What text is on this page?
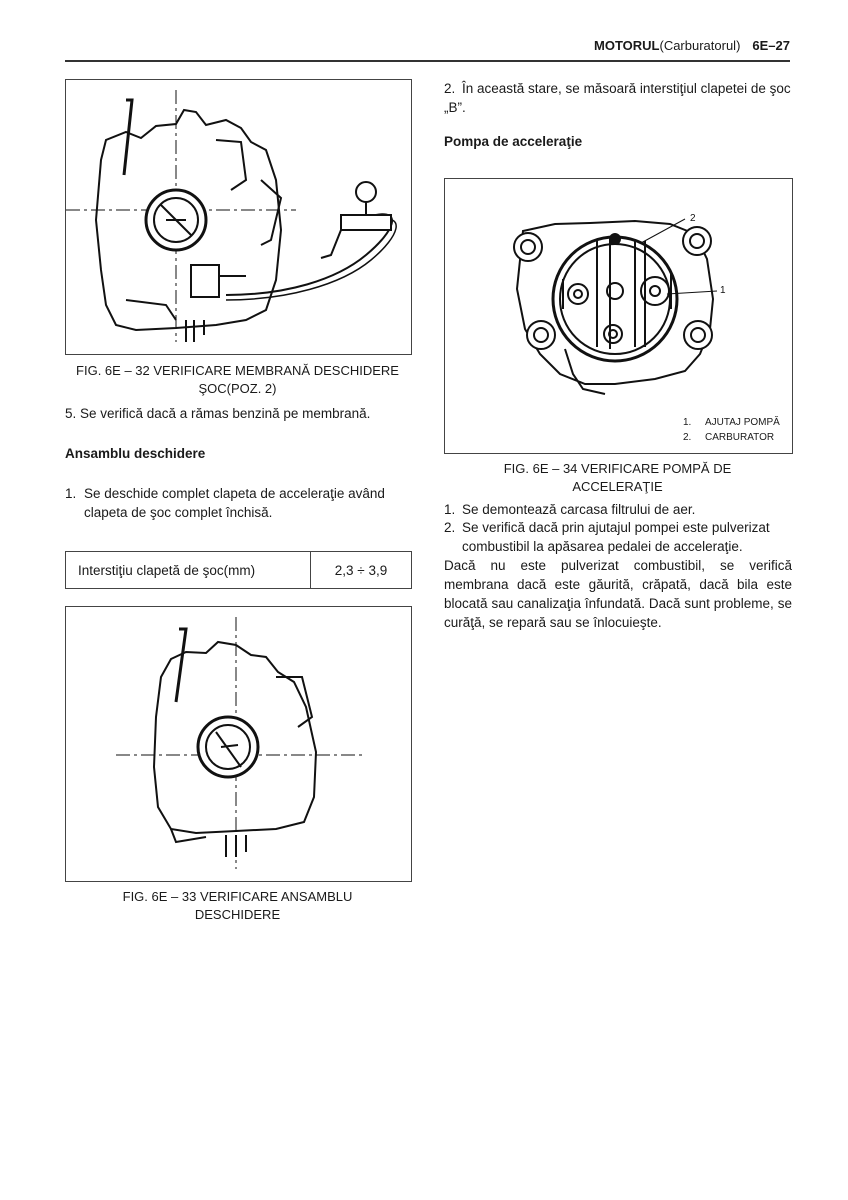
MOTORUL(Carburatorul) 6E–27
FIG. 6E – 32 VERIFICARE MEMBRANĂ DESCHIDERE
ŞOC(POZ. 2)
5. Se verifică dacă a rămas benzină pe membrană.
Ansamblu deschidere
1. Se deschide complet clapeta de acceleraţie având clapeta de şoc complet închisă.
Interstiţiu clapetă de şoc(mm)	2,3 ÷ 3,9
FIG. 6E – 33 VERIFICARE ANSAMBLU
DESCHIDERE
2. În această stare, se măsoară interstiţiul clapetei de şoc „B”.
Pompa de acceleraţie
2
1
1. AJUTAJ POMPĂ
2. CARBURATOR
FIG. 6E – 34 VERIFICARE POMPĂ DE
ACCELERAŢIE
1. Se demontează carcasa filtrului de aer.
2. Se verifică dacă prin ajutajul pompei este pulverizat combustibil la apăsarea pedalei de acceleraţie.
Dacă nu este pulverizat combustibil, se verifică membrana dacă este găurită, crăpată, dacă bila este blocată sau canalizaţia înfundată. Dacă sunt probleme, se curăţă, se repară sau se înlocuieşte.
